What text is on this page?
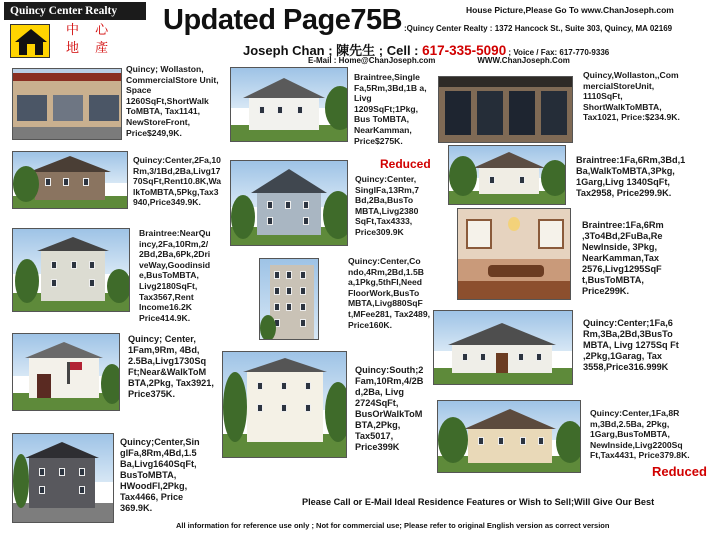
Quincy Center Realty
中 心
地 產
Updated Page75B	House Picture,Please Go To www.ChanJoseph.com
:Quincy Center Realty : 1372 Hancock St., Suite 303, Quincy, MA 02169
Joseph Chan ; 陳先生 ; Cell : 617-335-5090 ; Voice / Fax: 617-770-9336
E-Mail : Home@ChanJoseph.com	WWW.ChanJoseph.Com
Quincy; Wollaston, CommercialStore Unit, Space 1260SqFt,ShortWalk ToMBTA, Tax1141, NewStoreFront, Price$249,9K.
Braintree,Single Fa,5Rm,3Bd,1B a, Livg 1209SqFt;1Pkg, Bus ToMBTA, NearKamman, Price$275K.
Quincy,Wollaston,,Com mercialStoreUnit, 1110SqFt, ShortWalkToMBTA, Tax1021, Price:$234.9K.
Quincy:Center,2Fa,10 Rm,3/1Bd,2Ba,Livg17 70SqFt,Rent10.8K,Wa lkToMBTA,5Pkg,Tax3 940,Price349.9K.
Reduced
Quincy:Center, SinglFa,13Rm,7 Bd,2Ba,BusTo MBTA,Livg2380 SqFt,Tax4333, Price309.9K
Braintree:1Fa,6Rm,3Bd,1 Ba,WalkToMBTA,3Pkg, 1Garg,Livg 1340SqFt, Tax2958, Price299.9K.
Braintree:NearQu incy,2Fa,10Rm,2/ 2Bd,2Ba,6Pk,2Dri veWay,Goodinsid e,BusToMBTA, Livg2180SqFt, Tax3567,Rent Income16.2K Price414.9K.
Quincy:Center,Co ndo,4Rm,2Bd,1.5B a,1Pkg,5thFl,Need FloorWork,BusTo MBTA,Livg880SqF t,MFee281, Tax2489, Price160K.
Braintree:1Fa,6Rm ,3To4Bd,2FuBa,Re NewInside, 3Pkg, NearKamman,Tax 2576,Livg1295SqF t,BusToMBTA, Price299K.
Quincy; Center, 1Fam,9Rm, 4Bd, 2.5Ba,Livg1730Sq Ft;Near&WalkToM BTA,2Pkg, Tax3921, Price375K.
Quincy:South;2 Fam,10Rm,4/2B d,2Ba, Livg 2724SqFt, BusOrWalkToM BTA,2Pkg, Tax5017, Price399K
Quincy:Center;1Fa,6 Rm,3Ba,2Bd,3BusTo MBTA, Livg 1275Sq Ft ,2Pkg,1Garag, Tax 3558,Price316.999K
Quincy;Center,Sin glFa,8Rm,4Bd,1.5 Ba,Livg1640SqFt, BusToMBTA, HWoodFl,2Pkg, Tax4466, Price 369.9K.
Quincy:Center,1Fa,8R m,3Bd,2.5Ba, 2Pkg, 1Garg,BusToMBTA, NewInside,Livg2200Sq Ft,Tax4431, Price379.8K.
Reduced
Please Call or E-Mail Ideal Residence Features or Wish to Sell;Will Give Our Best
All information for reference use only ; Not for commercial use; Please refer to original English version as correct version
